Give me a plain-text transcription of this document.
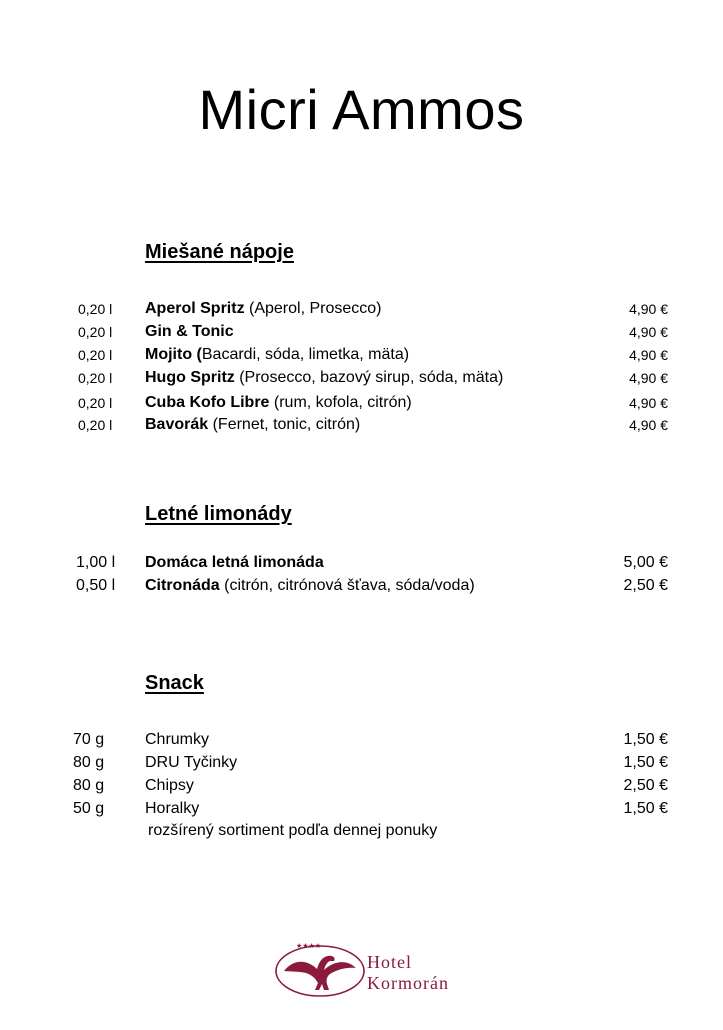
Micri Ammos
Miešané nápoje
0,20 l Aperol Spritz (Aperol, Prosecco)	4,90 €
0,20 l Gin & Tonic	4,90 €
0,20 l Mojito (Bacardi, sóda, limetka, mäta)	4,90 €
0,20 l Hugo Spritz (Prosecco, bazový sirup, sóda, mäta)	4,90 €
0,20 l Cuba Kofo Libre (rum, kofola, citrón)	4,90 €
0,20 l Bavorák (Fernet, tonic, citrón)	4,90 €
Letné limonády
1,00 l Domáca letná limonáda	5,00 €
0,50 l Citronáda (citrón, citrónová šťava, sóda/voda)	2,50 €
Snack
70 g	Chrumky	1,50 €
80 g	DRU Tyčinky	1,50 €
80 g	Chipsy	2,50 €
50 g	Horalky	1,50 €
rozšírený sortiment podľa dennej ponuky
★★★★
Hotel
Kormorán
